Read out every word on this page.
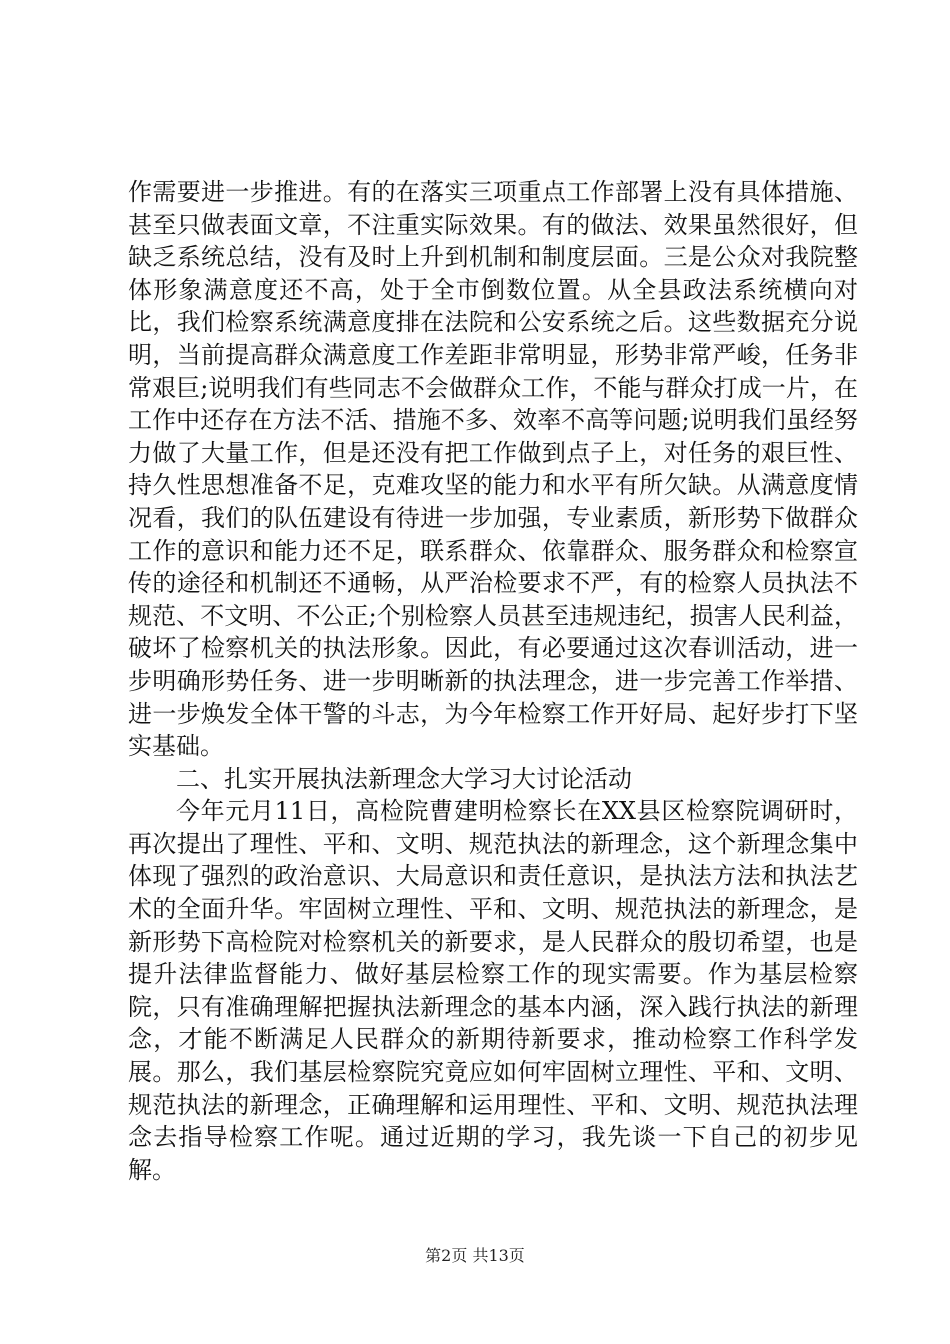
作需要进一步推进。有的在落实三项重点工作部署上没有具体措施、甚至只做表面文章，不注重实际效果。有的做法、效果虽然很好，但缺乏系统总结，没有及时上升到机制和制度层面。三是公众对我院整体形象满意度还不高，处于全市倒数位置。从全县政法系统横向对比，我们检察系统满意度排在法院和公安系统之后。这些数据充分说明，当前提高群众满意度工作差距非常明显，形势非常严峻，任务非常艰巨;说明我们有些同志不会做群众工作，不能与群众打成一片，在工作中还存在方法不活、措施不多、效率不高等问题;说明我们虽经努力做了大量工作，但是还没有把工作做到点子上，对任务的艰巨性、持久性思想准备不足，克难攻坚的能力和水平有所欠缺。从满意度情况看，我们的队伍建设有待进一步加强，专业素质，新形势下做群众工作的意识和能力还不足，联系群众、依靠群众、服务群众和检察宣传的途径和机制还不通畅，从严治检要求不严，有的检察人员执法不规范、不文明、不公正;个别检察人员甚至违规违纪，损害人民利益，破坏了检察机关的执法形象。因此，有必要通过这次春训活动，进一步明确形势任务、进一步明晰新的执法理念，进一步完善工作举措、进一步焕发全体干警的斗志，为今年检察工作开好局、起好步打下坚实基础。

二、扎实开展执法新理念大学习大讨论活动

今年元月11日，高检院曹建明检察长在XX县区检察院调研时，再次提出了理性、平和、文明、规范执法的新理念，这个新理念集中体现了强烈的政治意识、大局意识和责任意识，是执法方法和执法艺术的全面升华。牢固树立理性、平和、文明、规范执法的新理念，是新形势下高检院对检察机关的新要求，是人民群众的殷切希望，也是提升法律监督能力、做好基层检察工作的现实需要。作为基层检察院，只有准确理解把握执法新理念的基本内涵，深入践行执法的新理念，才能不断满足人民群众的新期待新要求，推动检察工作科学发展。那么，我们基层检察院究竟应如何牢固树立理性、平和、文明、规范执法的新理念，正确理解和运用理性、平和、文明、规范执法理念去指导检察工作呢。通过近期的学习，我先谈一下自己的初步见解。

第2页 共13页
